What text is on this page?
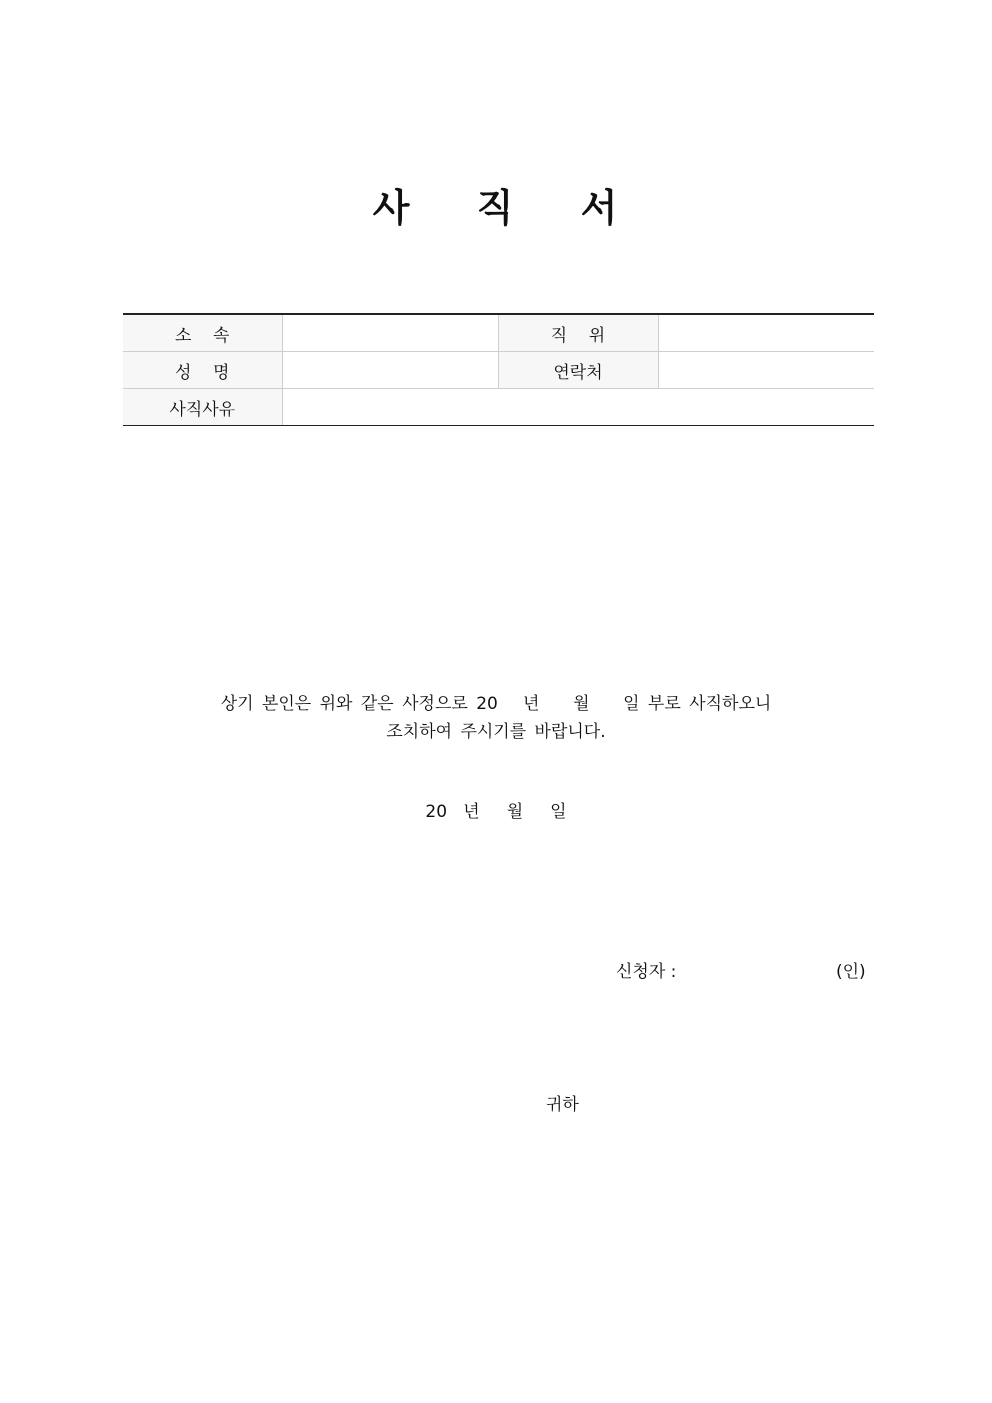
사 직 서
소    속		직    위	
성    명		연락처	
사직사유			
상기 본인은 위와 같은 사정으로 20   년    월    일 부로 사직하오니
조치하여 주시기를 바랍니다.
20   년     월     일
신청자 :	(인)
귀하
